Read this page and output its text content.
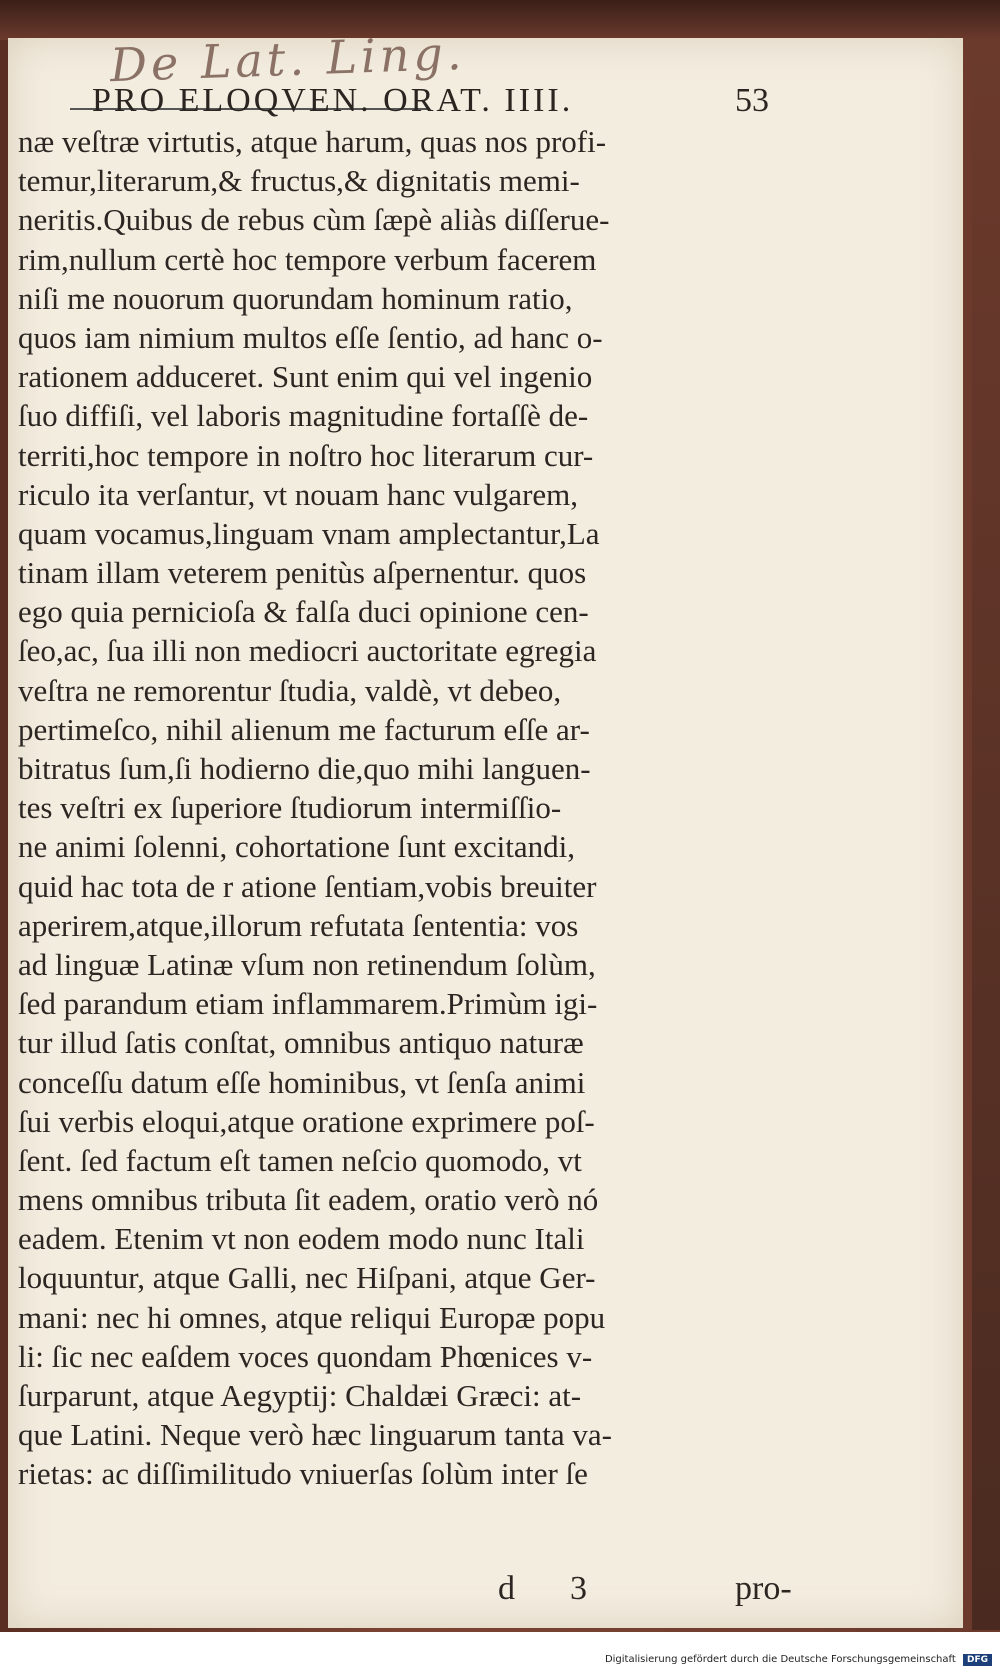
De Lat. Ling.
PRO ELOQVEN. ORAT. IIII.	53
næ veſtræ virtutis, atque harum, quas nos profi-
temur,literarum,& fructus,& dignitatis memi-
neritis.Quibus de rebus cùm ſæpè aliàs diſſerue-
rim,nullum certè hoc tempore verbum facerem
niſi me nouorum quorundam hominum ratio,
quos iam nimium multos eſſe ſentio, ad hanc o-
rationem adduceret. Sunt enim qui vel ingenio
ſuo diffiſi, vel laboris magnitudine fortaſſè de-
territi,hoc tempore in noſtro hoc literarum cur-
riculo ita verſantur, vt nouam hanc vulgarem,
quam vocamus,linguam vnam amplectantur,La
tinam illam veterem penitùs aſpernentur. quos
ego quia pernicioſa & falſa duci opinione cen-
ſeo,ac, ſua illi non mediocri auctoritate egregia
veſtra ne remorentur ſtudia, valdè, vt debeo,
pertimeſco, nihil alienum me facturum eſſe ar-
bitratus ſum,ſi hodierno die,quo mihi languen-
tes veſtri ex ſuperiore ſtudiorum intermiſſio-
ne animi ſolenni, cohortatione ſunt excitandi,
quid hac tota de r atione ſentiam,vobis breuiter
aperirem,atque,illorum refutata ſententia: vos
ad linguæ Latinæ vſum non retinendum ſolùm,
ſed parandum etiam inflammarem.Primùm igi-
tur illud ſatis conſtat, omnibus antiquo naturæ
conceſſu datum eſſe hominibus, vt ſenſa animi
ſui verbis eloqui,atque oratione exprimere poſ-
ſent. ſed factum eſt tamen neſcio quomodo, vt
mens omnibus tributa ſit eadem, oratio verò nó
eadem. Etenim vt non eodem modo nunc Itali
loquuntur, atque Galli, nec Hiſpani, atque Ger-
mani: nec hi omnes, atque reliqui Europæ popu
li: ſic nec eaſdem voces quondam Phœnices v-
ſurparunt, atque Aegyptij: Chaldæi Græci: at-
que Latini. Neque verò hæc linguarum tanta va-
rietas: ac diſſimilitudo vniuerſas ſolùm inter ſe
d 3	pro-
Digitalisierung gefördert durch die Deutsche Forschungsgemeinschaft DFG
